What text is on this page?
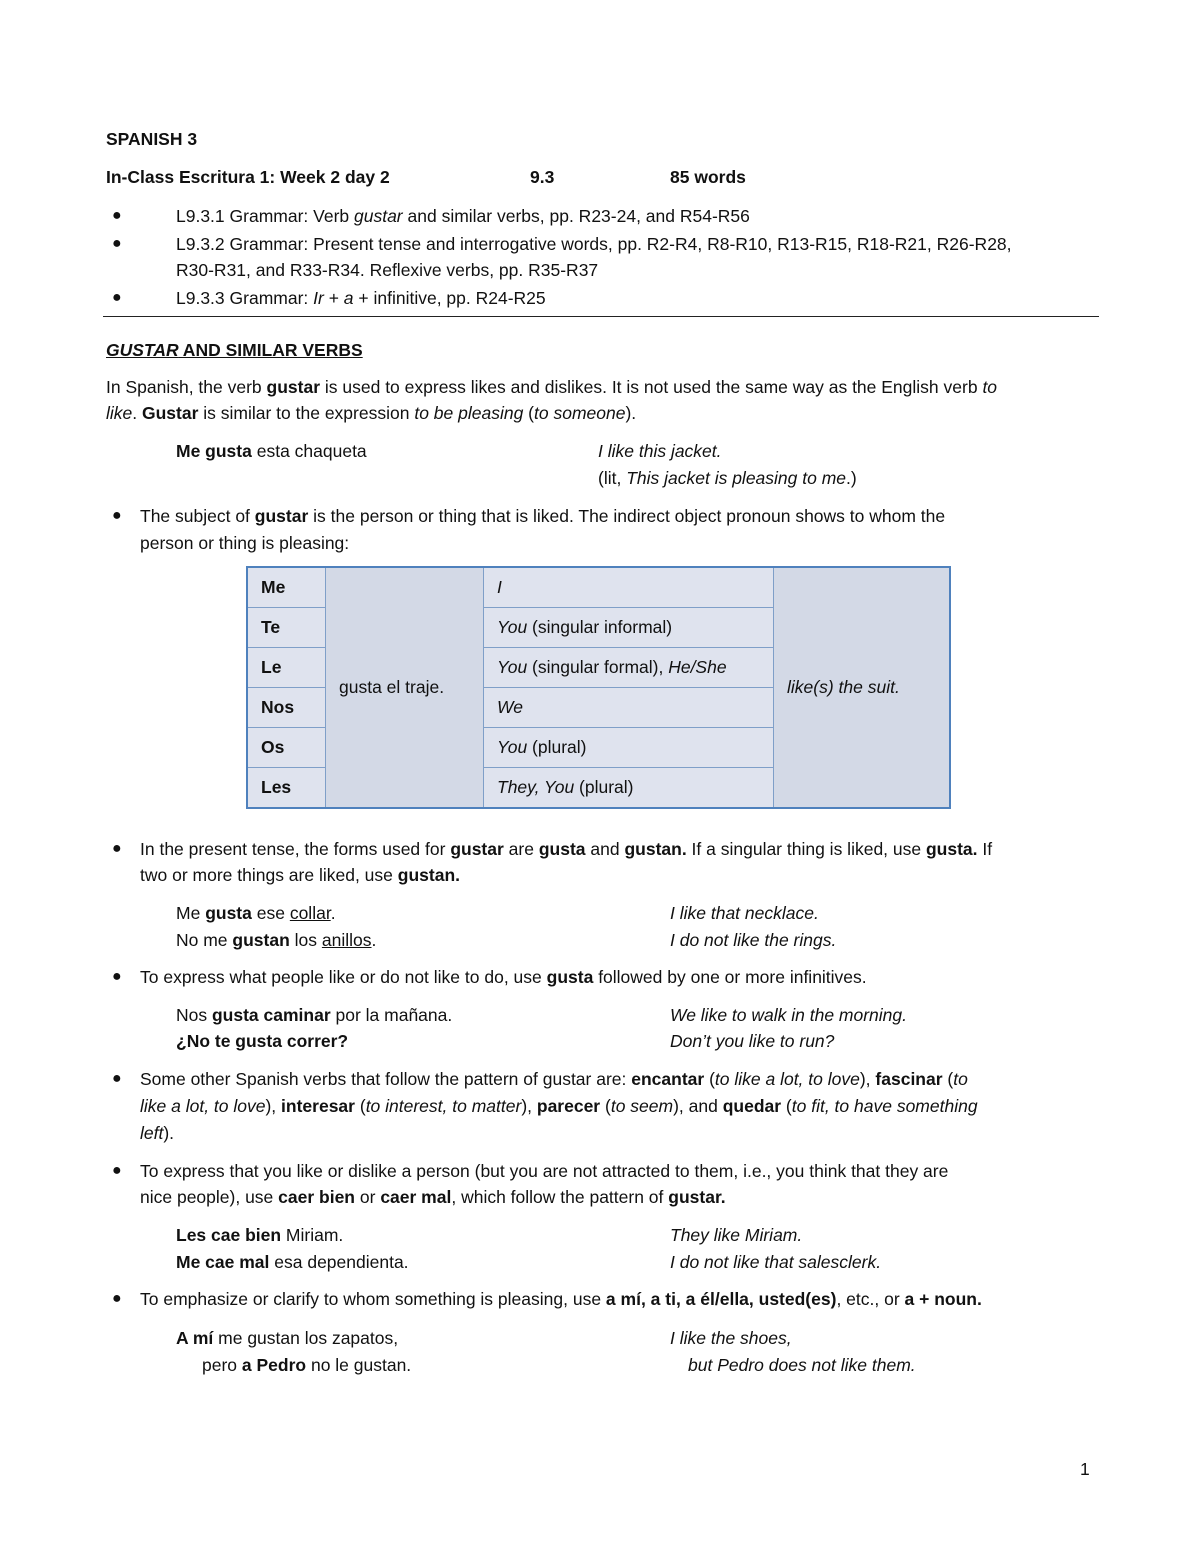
SPANISH 3
In-Class Escritura 1: Week 2 day 2	9.3	85 words
●	L9.3.1 Grammar: Verb gustar and similar verbs, pp. R23-24, and R54-R56
●	L9.3.2 Grammar: Present tense and interrogative words, pp. R2-R4, R8-R10, R13-R15, R18-R21, R26-R28,
R30-R31, and R33-R34. Reflexive verbs, pp. R35-R37
●	L9.3.3 Grammar: Ir + a + infinitive, pp. R24-R25
GUSTAR AND SIMILAR VERBS
In Spanish, the verb gustar is used to express likes and dislikes. It is not used the same way as the English verb to
like. Gustar is similar to the expression to be pleasing (to someone).
Me gusta esta chaqueta	I like this jacket.
(lit, This jacket is pleasing to me.)
● The subject of gustar is the person or thing that is liked. The indirect object pronoun shows to whom the
person or thing is pleasing:
Me	gusta el traje.	I	like(s) the suit.
Te		You (singular informal)	
Le		You (singular formal), He/She	
Nos		We	
Os		You (plural)	
Les		They, You (plural)	
● In the present tense, the forms used for gustar are gusta and gustan. If a singular thing is liked, use gusta. If
two or more things are liked, use gustan.
Me gusta ese collar.	I like that necklace.
No me gustan los anillos.	I do not like the rings.
● To express what people like or do not like to do, use gusta followed by one or more infinitives.
Nos gusta caminar por la mañana.	We like to walk in the morning.
¿No te gusta correr?	Don’t you like to run?
● Some other Spanish verbs that follow the pattern of gustar are: encantar (to like a lot, to love), fascinar (to
like a lot, to love), interesar (to interest, to matter), parecer (to seem), and quedar (to fit, to have something
left).
● To express that you like or dislike a person (but you are not attracted to them, i.e., you think that they are
nice people), use caer bien or caer mal, which follow the pattern of gustar.
Les cae bien Miriam.	They like Miriam.
Me cae mal esa dependienta.	I do not like that salesclerk.
● To emphasize or clarify to whom something is pleasing, use a mí, a ti, a él/ella, usted(es), etc., or a + noun.
A mí me gustan los zapatos,	I like the shoes,
pero a Pedro no le gustan.	but Pedro does not like them.
1
